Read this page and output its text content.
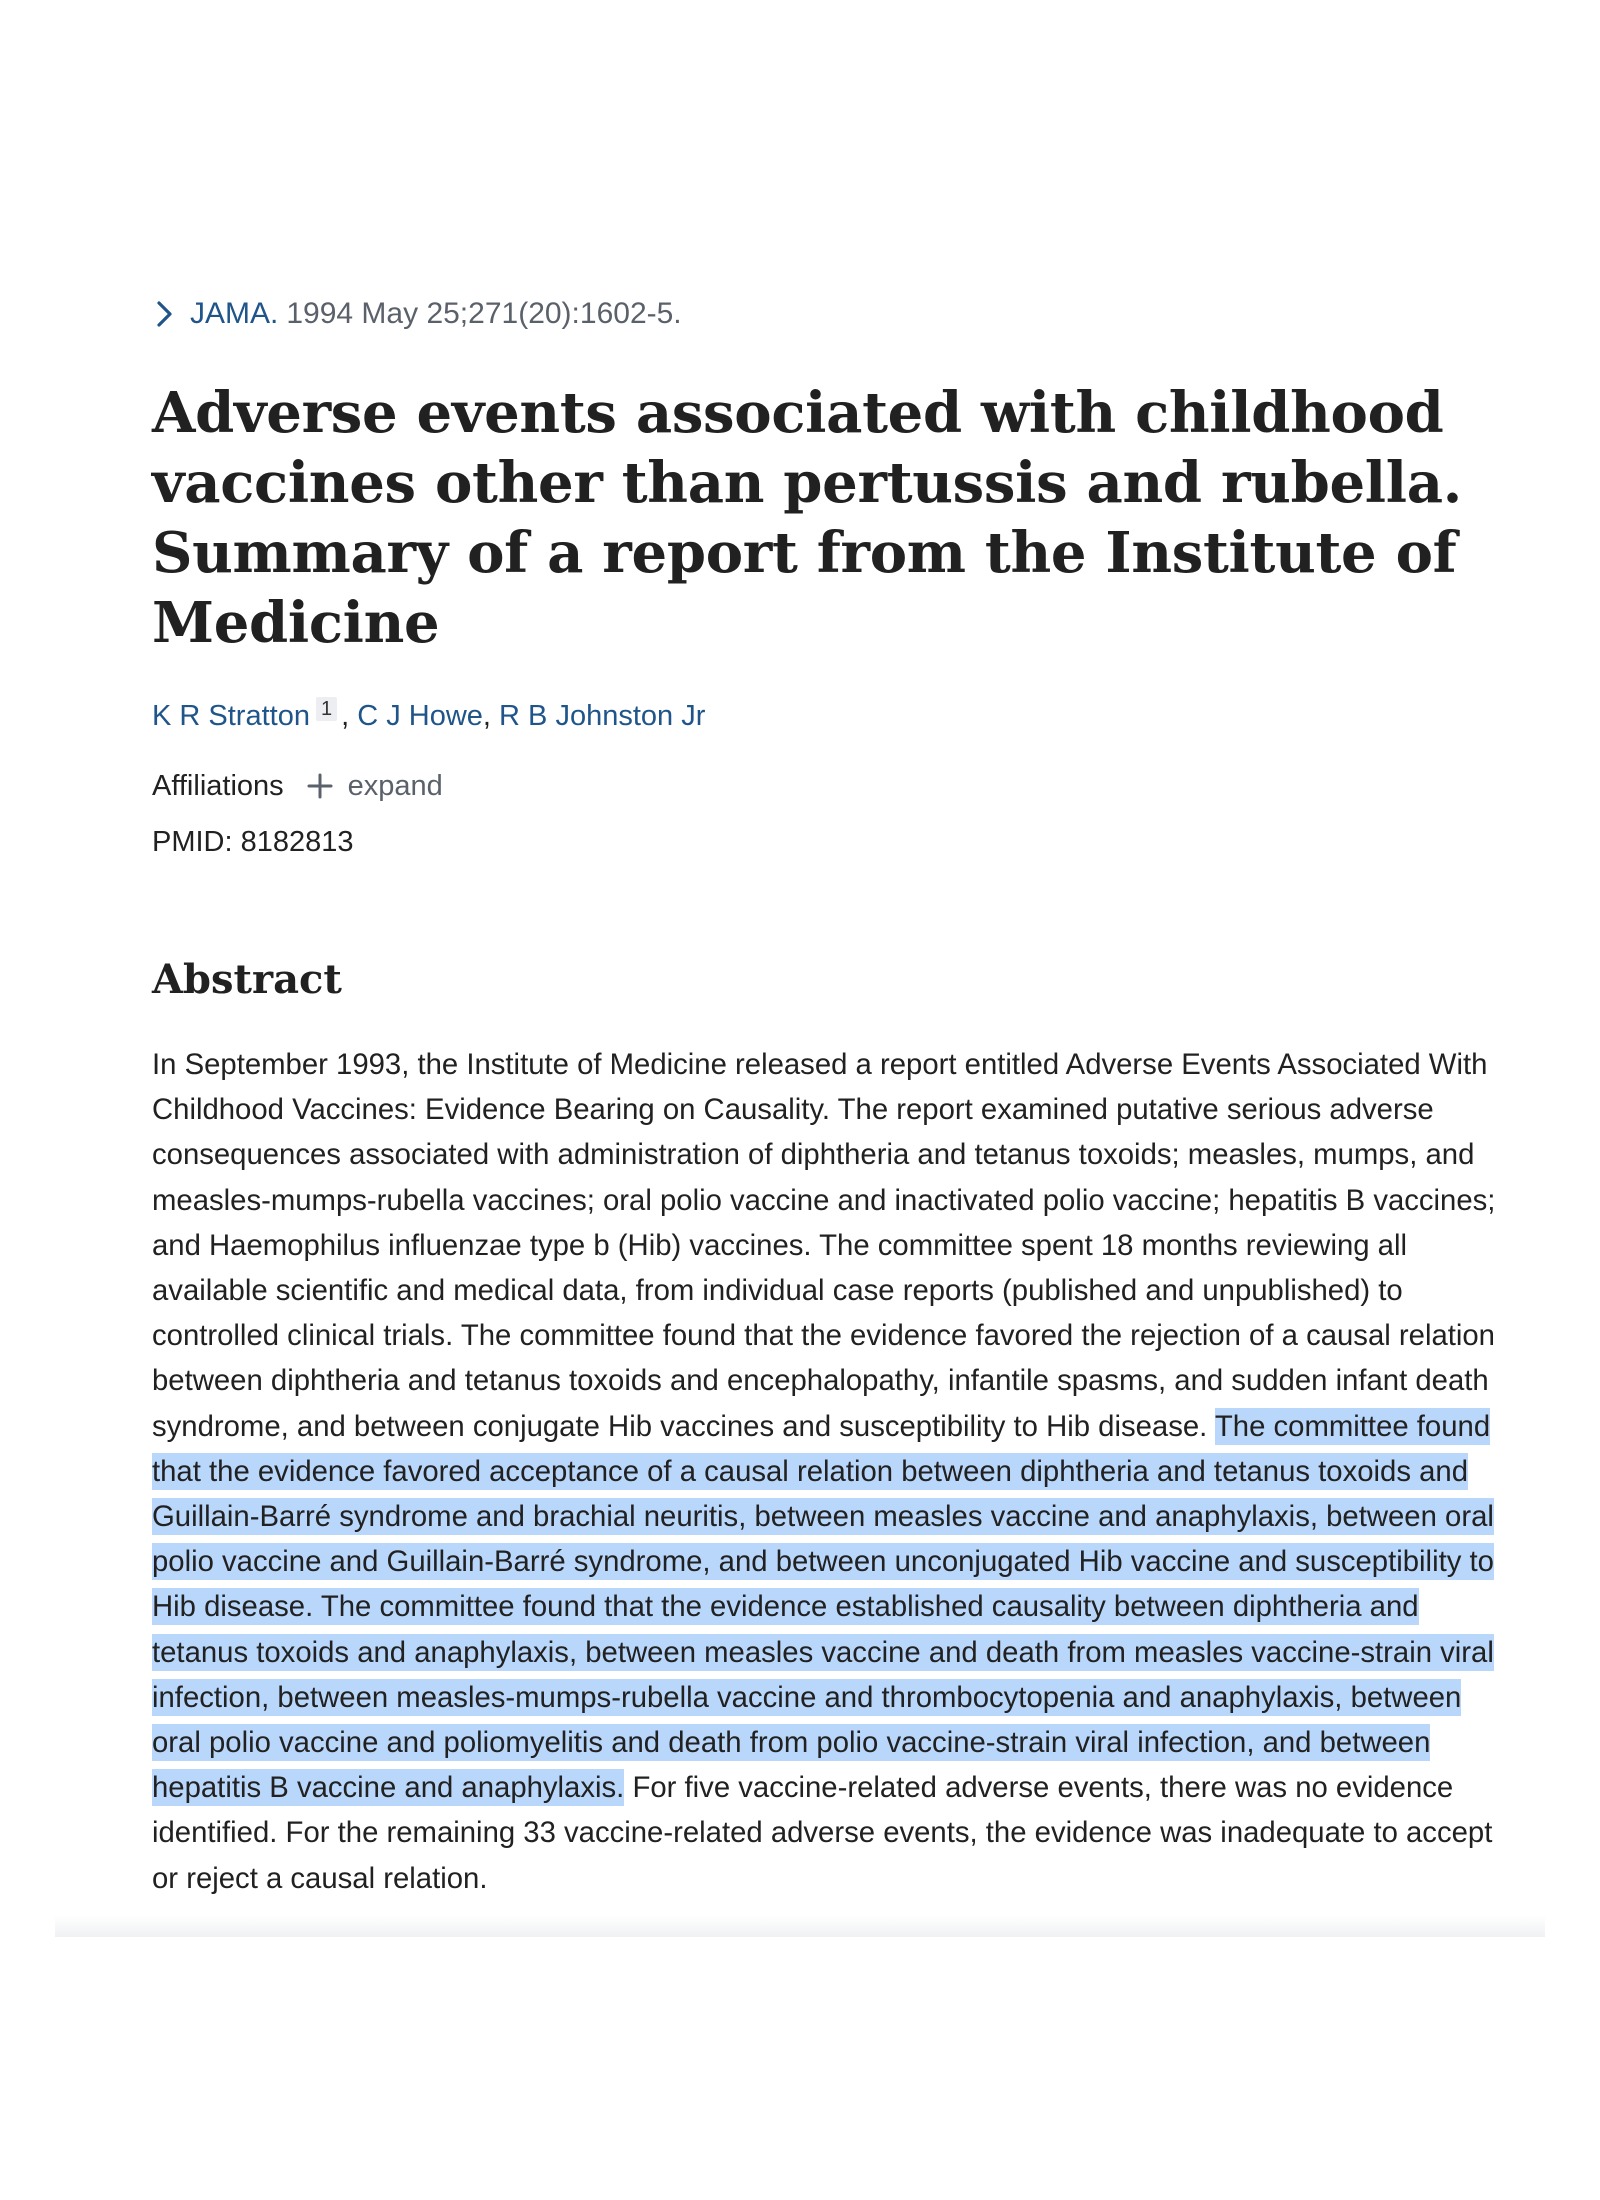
JAMA. 1994 May 25;271(20):1602-5.
Adverse events associated with childhood vaccines other than pertussis and rubella. Summary of a report from the Institute of Medicine
K R Stratton 1 , C J Howe, R B Johnston Jr
Affiliations expand
PMID: 8182813
Abstract
In September 1993, the Institute of Medicine released a report entitled Adverse Events Associated With Childhood Vaccines: Evidence Bearing on Causality. The report examined putative serious adverse consequences associated with administration of diphtheria and tetanus toxoids; measles, mumps, and measles-mumps-rubella vaccines; oral polio vaccine and inactivated polio vaccine; hepatitis B vaccines; and Haemophilus influenzae type b (Hib) vaccines. The committee spent 18 months reviewing all available scientific and medical data, from individual case reports (published and unpublished) to controlled clinical trials. The committee found that the evidence favored the rejection of a causal relation between diphtheria and tetanus toxoids and encephalopathy, infantile spasms, and sudden infant death syndrome, and between conjugate Hib vaccines and susceptibility to Hib disease. The committee found that the evidence favored acceptance of a causal relation between diphtheria and tetanus toxoids and Guillain-Barré syndrome and brachial neuritis, between measles vaccine and anaphylaxis, between oral polio vaccine and Guillain-Barré syndrome, and between unconjugated Hib vaccine and susceptibility to Hib disease. The committee found that the evidence established causality between diphtheria and tetanus toxoids and anaphylaxis, between measles vaccine and death from measles vaccine-strain viral infection, between measles-mumps-rubella vaccine and thrombocytopenia and anaphylaxis, between oral polio vaccine and poliomyelitis and death from polio vaccine-strain viral infection, and between hepatitis B vaccine and anaphylaxis. For five vaccine-related adverse events, there was no evidence identified. For the remaining 33 vaccine-related adverse events, the evidence was inadequate to accept or reject a causal relation.
